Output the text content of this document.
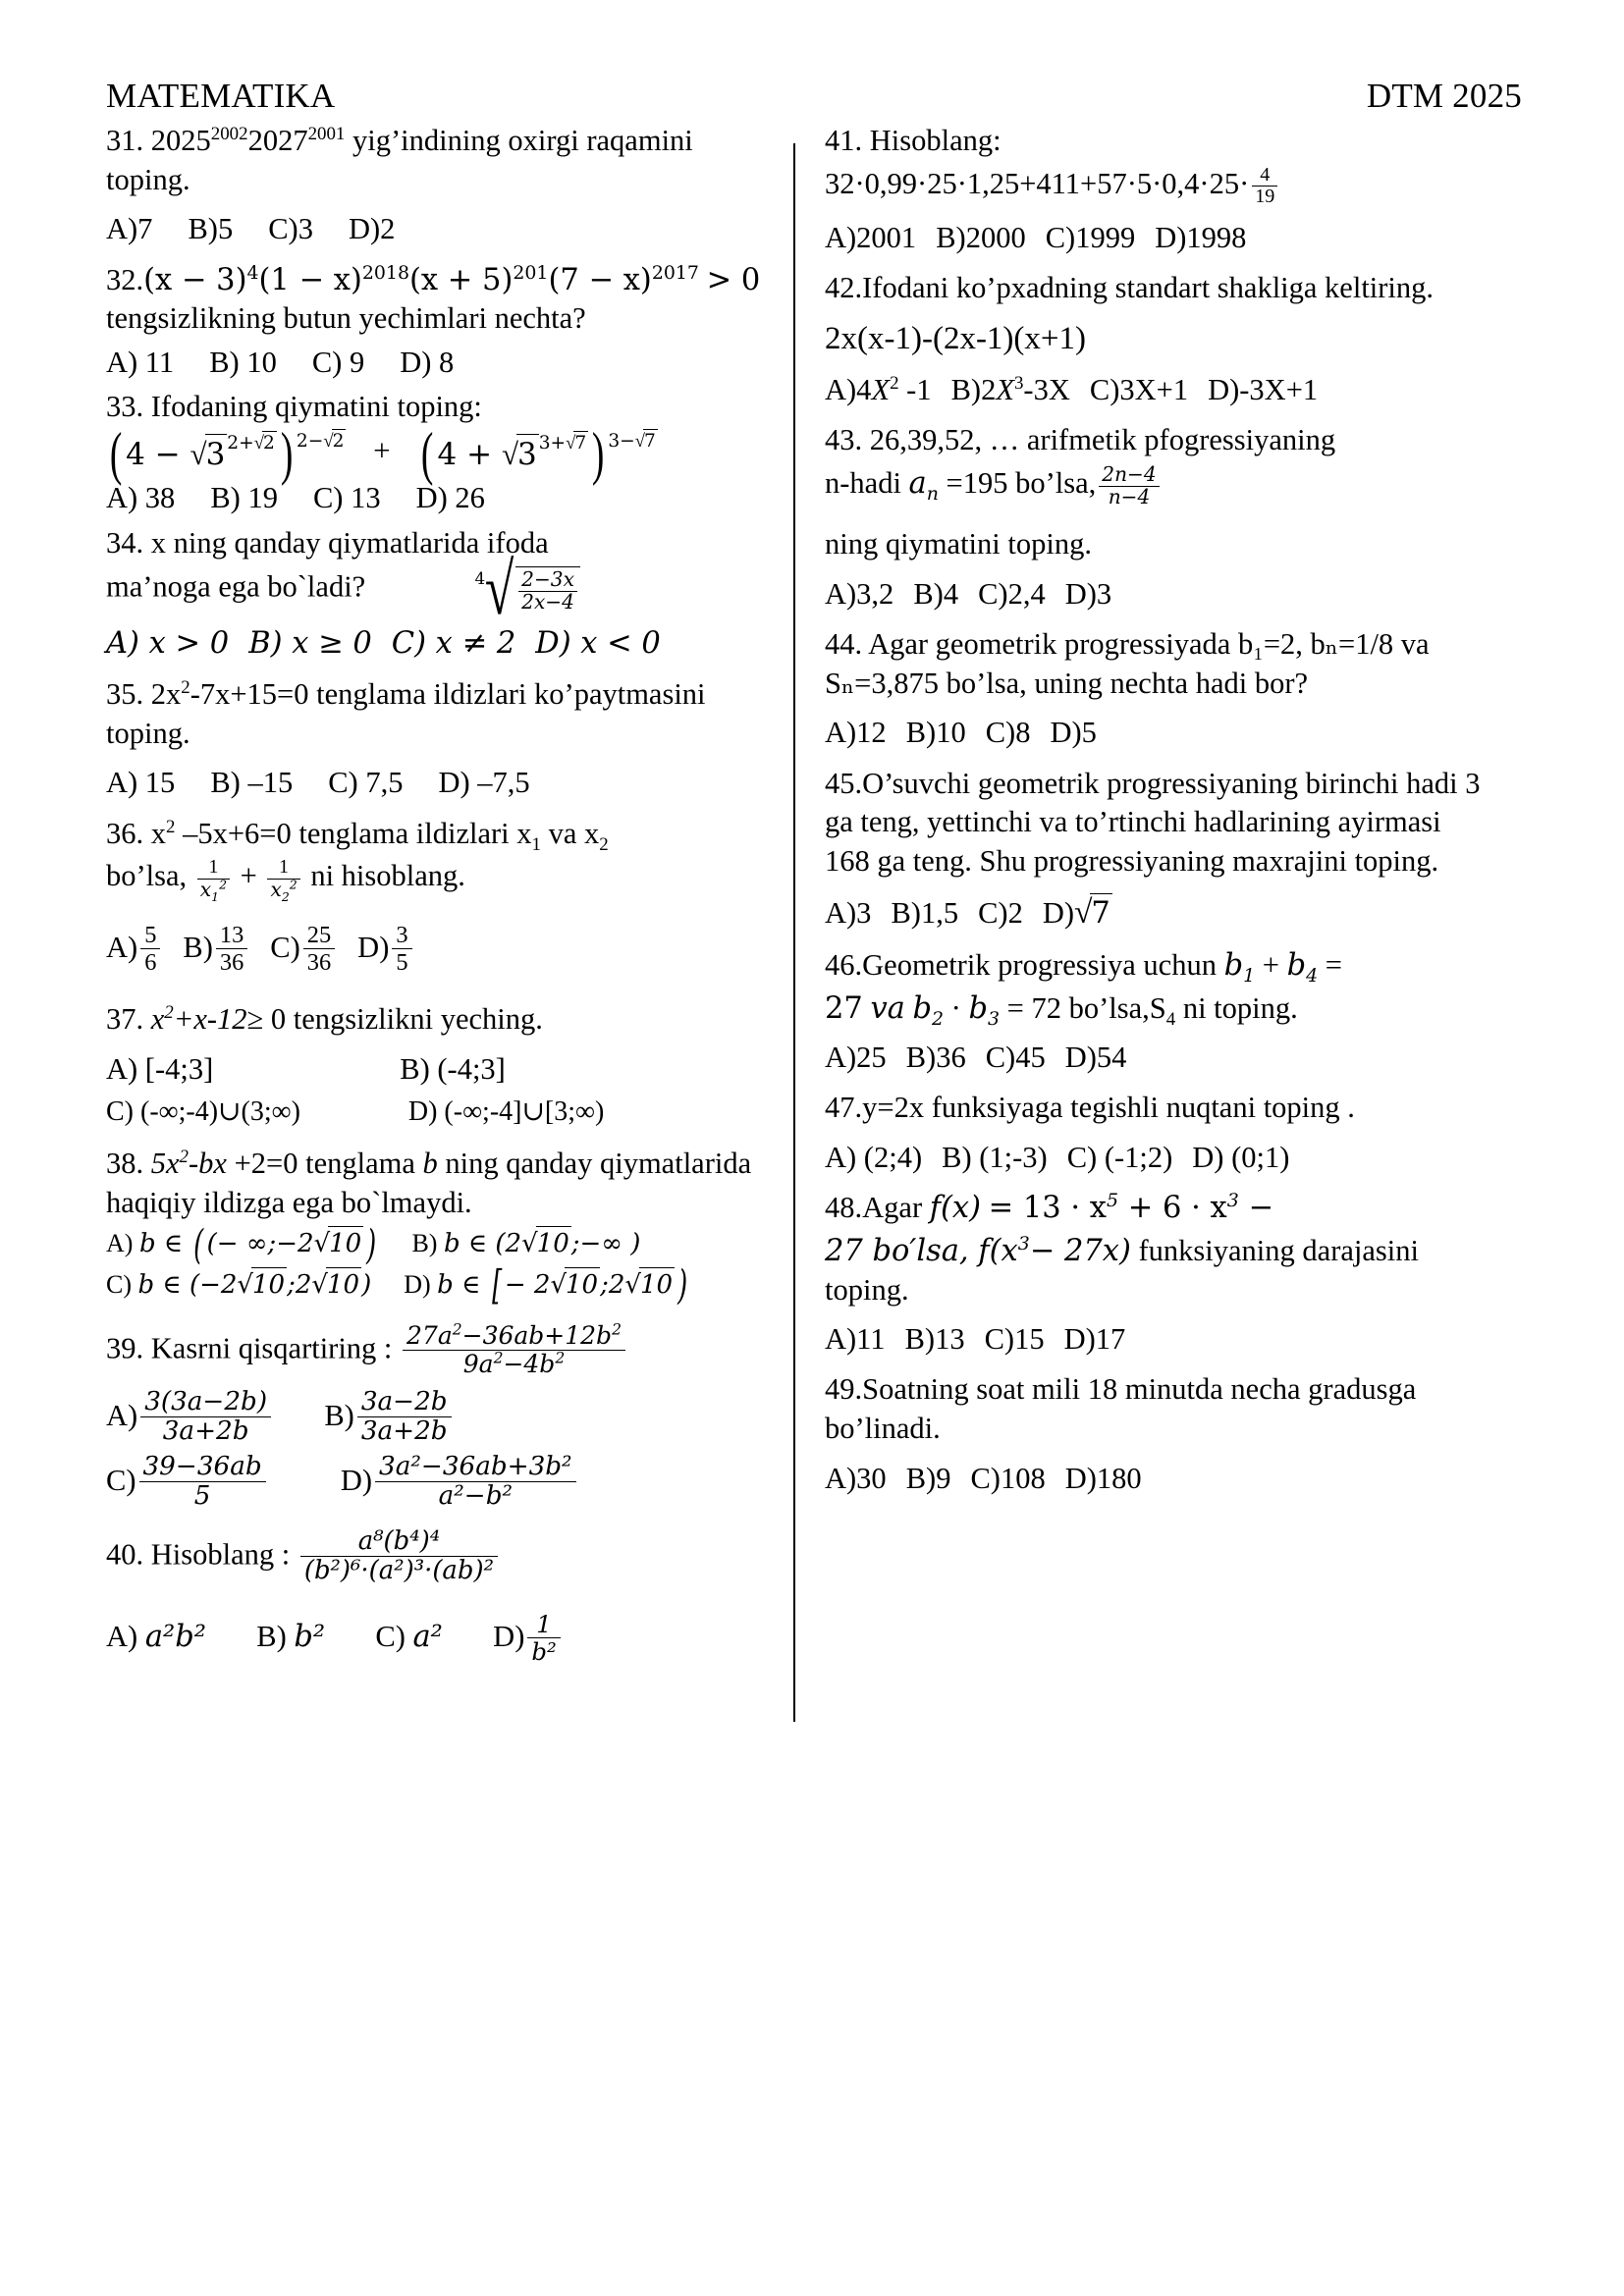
MATEMATIKA	DTM 2025
31. $2025^{2002}2027^{2001}$ yig’indining oxirgi raqamini toping.
A)7 B)5 C)3 D)2
$32.(x - 3)^4(1 - x)^{2018}(x + 5)^{201}(7 - x)^{2017} > 0$ tengsizlikning butun yechimlari nechta?
A) 11 B) 10 C) 9 D) 8
33. Ifodaning qiymatini toping:
( 4 − √3 2+√2) 2−√2 + ( 4 + √3 3+√7) 3−√7
A) 38 B) 19 C) 13 D) 26
34. x ning qanday qiymatlarida ifoda
ma’noga ega bo`ladi?	$^4√ \frac{2-3x}{2x-4}$
A) x > 0 B) x ≥ 0 C) x ≠ 2 D) x < 0
35. $2x^2-7x+15=0$ tenglama ildizlari ko’paytmasini toping.
A) 15 B) –15 C) 7,5 D) –7,5
36. $x^2$ –5x+6=0 tenglama ildizlari $x_1$ va $x_2$
bo’lsa, $\frac{1}{x_1^2} + \frac{1}{x_2^2}$ ni hisoblang.
$A) \frac{5}{6} B) \frac{13}{36} C) \frac{25}{36} D) \frac{3}{5}$
37. $x^2+x-12\ge 0$ tengsizlikni yeching.
A) [-4;3]	B) (-4;3]
C) (-∞;-4)∪(3;∞)	D) (-∞;-4]∪[3;∞)
38. $5x^2-bx +2=0$ tenglama b ning qanday qiymatlarida haqiqiy ildizga ega bo`lmaydi.
A) b ∈ ( (− ∞;−2√10 ) B) b ∈ (2√10;−∞ )
C) b ∈ (−2√10;2√10) D) b ∈ [ − 2√10;2√10 )
39. Kasrni qisqartiring : $\frac{27a^2-36ab+12b^2}{9a^2-4b^2}$
$A) \frac{3(3a-2b)}{3a+2b} B) \frac{3a-2b}{3a+2b}$
$C) \frac{39-36ab}{5}$	$D) \frac{\text{3a²−36ab+3b²}}{\text{a²−b²}}$
40. Hisoblang : $\frac{\text{a⁸(b⁴)⁴}}{\text{(b²)⁶·(a²)³·(ab)²}}$
A) a²b² B) b² C) a² $D) \frac{1}{\text{b²}}$
41. Hisoblang:
$32\cdot 0,99\cdot 25\cdot 1,25+411+57\cdot 5\cdot 0,4\cdot 25\cdot \frac{4}{19}$
A)2001 B)2000 C)1999 D)1998
42.Ifodani ko’pxadning standart shakliga keltiring.
2x(x-1)-(2x-1)(x+1)
$A)4X^2$ -1 $B)2X^3-3X$ C)3X+1 D)-3X+1
43. 26,39,52, … arifmetik pfogressiyaning
n-hadi $a_n =195$ bo’lsa, $\frac{2n-4}{n-4}$
ning qiymatini toping.
A)3,2 B)4 C)2,4 D)3
44. Agar geometrik progressiyada b₁=2, bₙ=1/8 va Sₙ=3,875 bo’lsa, uning nechta hadi bor?
A)12 B)10 C)8 D)5
45.O’suvchi geometrik progressiyaning birinchi hadi 3 ga teng, yettinchi va to’rtinchi hadlarining ayirmasi 168 ga teng. Shu progressiyaning maxrajini toping.
A)3 B)1,5 C)2 D)√7
46.Geometrik progressiya uchun $b_1 + b_4$ =
27 va $b_2 \cdot b_3 = 72$ $bo’lsa,S_4$ ni toping.
A)25 B)36 C)45 D)54
47.y=2x funksiyaga tegishli nuqtani toping .
A) (2;4) B) (1;-3) C) (-1;2) D) (0;1)
48.Agar $f(x) = 13 \cdot x^5 + 6 \cdot x^3$ −
27 bo′lsa, $f(x^3- 27x)$ funksiyaning darajasini toping.
A)11 B)13 C)15 D)17
49.Soatning soat mili 18 minutda necha gradusga bo’linadi.
A)30 B)9 C)108 D)180
